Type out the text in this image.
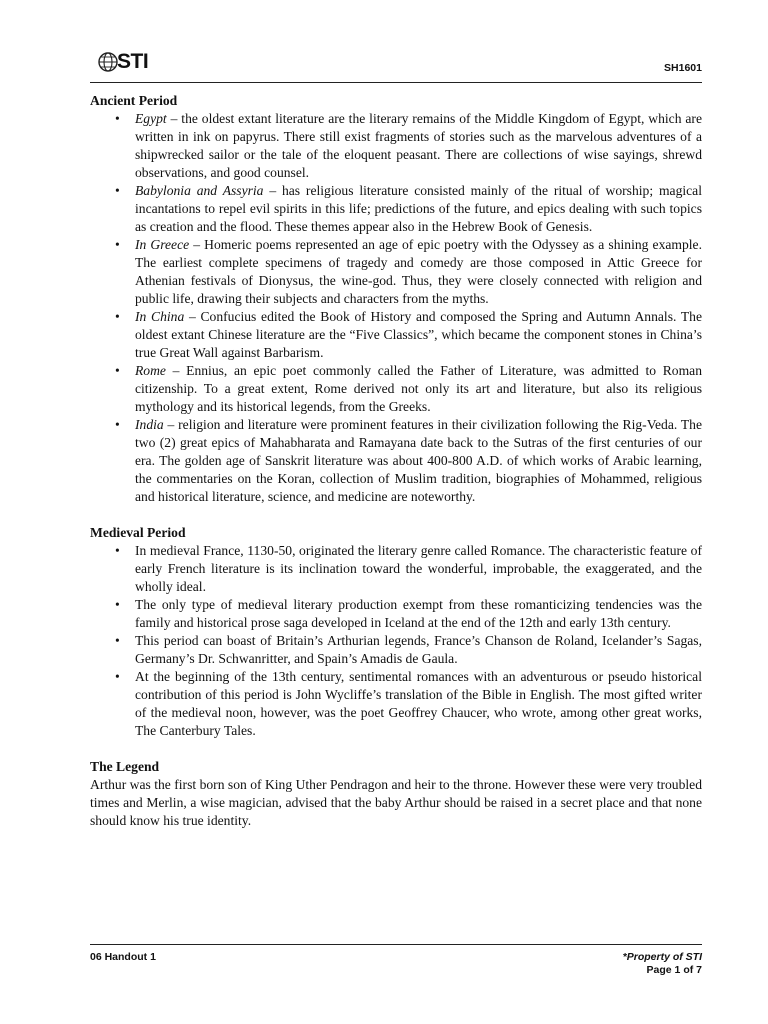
STI	SH1601

Ancient Period

• Egypt – the oldest extant literature are the literary remains of the Middle Kingdom of Egypt, which are written in ink on papyrus. There still exist fragments of stories such as the marvelous adventures of a shipwrecked sailor or the tale of the eloquent peasant. There are collections of wise sayings, shrewd observations, and good counsel.
• Babylonia and Assyria – has religious literature consisted mainly of the ritual of worship; magical incantations to repel evil spirits in this life; predictions of the future, and epics dealing with such topics as creation and the flood. These themes appear also in the Hebrew Book of Genesis.
• In Greece – Homeric poems represented an age of epic poetry with the Odyssey as a shining example. The earliest complete specimens of tragedy and comedy are those composed in Attic Greece for Athenian festivals of Dionysus, the wine-god. Thus, they were closely connected with religion and public life, drawing their subjects and characters from the myths.
• In China – Confucius edited the Book of History and composed the Spring and Autumn Annals. The oldest extant Chinese literature are the “Five Classics”, which became the component stones in China’s true Great Wall against Barbarism.
• Rome – Ennius, an epic poet commonly called the Father of Literature, was admitted to Roman citizenship. To a great extent, Rome derived not only its art and literature, but also its religious mythology and its historical legends, from the Greeks.
• India – religion and literature were prominent features in their civilization following the Rig-Veda. The two (2) great epics of Mahabharata and Ramayana date back to the Sutras of the first centuries of our era. The golden age of Sanskrit literature was about 400-800 A.D. of which works of Arabic learning, the commentaries on the Koran, collection of Muslim tradition, biographies of Mohammed, religious and historical literature, science, and medicine are noteworthy.

Medieval Period

• In medieval France, 1130-50, originated the literary genre called Romance. The characteristic feature of early French literature is its inclination toward the wonderful, improbable, the exaggerated, and the wholly ideal.
• The only type of medieval literary production exempt from these romanticizing tendencies was the family and historical prose saga developed in Iceland at the end of the 12th and early 13th century.
• This period can boast of Britain’s Arthurian legends, France’s Chanson de Roland, Icelander’s Sagas, Germany’s Dr. Schwanritter, and Spain’s Amadis de Gaula.
• At the beginning of the 13th century, sentimental romances with an adventurous or pseudo historical contribution of this period is John Wycliffe’s translation of the Bible in English. The most gifted writer of the medieval noon, however, was the poet Geoffrey Chaucer, who wrote, among other great works, The Canterbury Tales.

The Legend

Arthur was the first born son of King Uther Pendragon and heir to the throne. However these were very troubled times and Merlin, a wise magician, advised that the baby Arthur should be raised in a secret place and that none should know his true identity.

06 Handout 1	*Property of STI
Page 1 of 7
